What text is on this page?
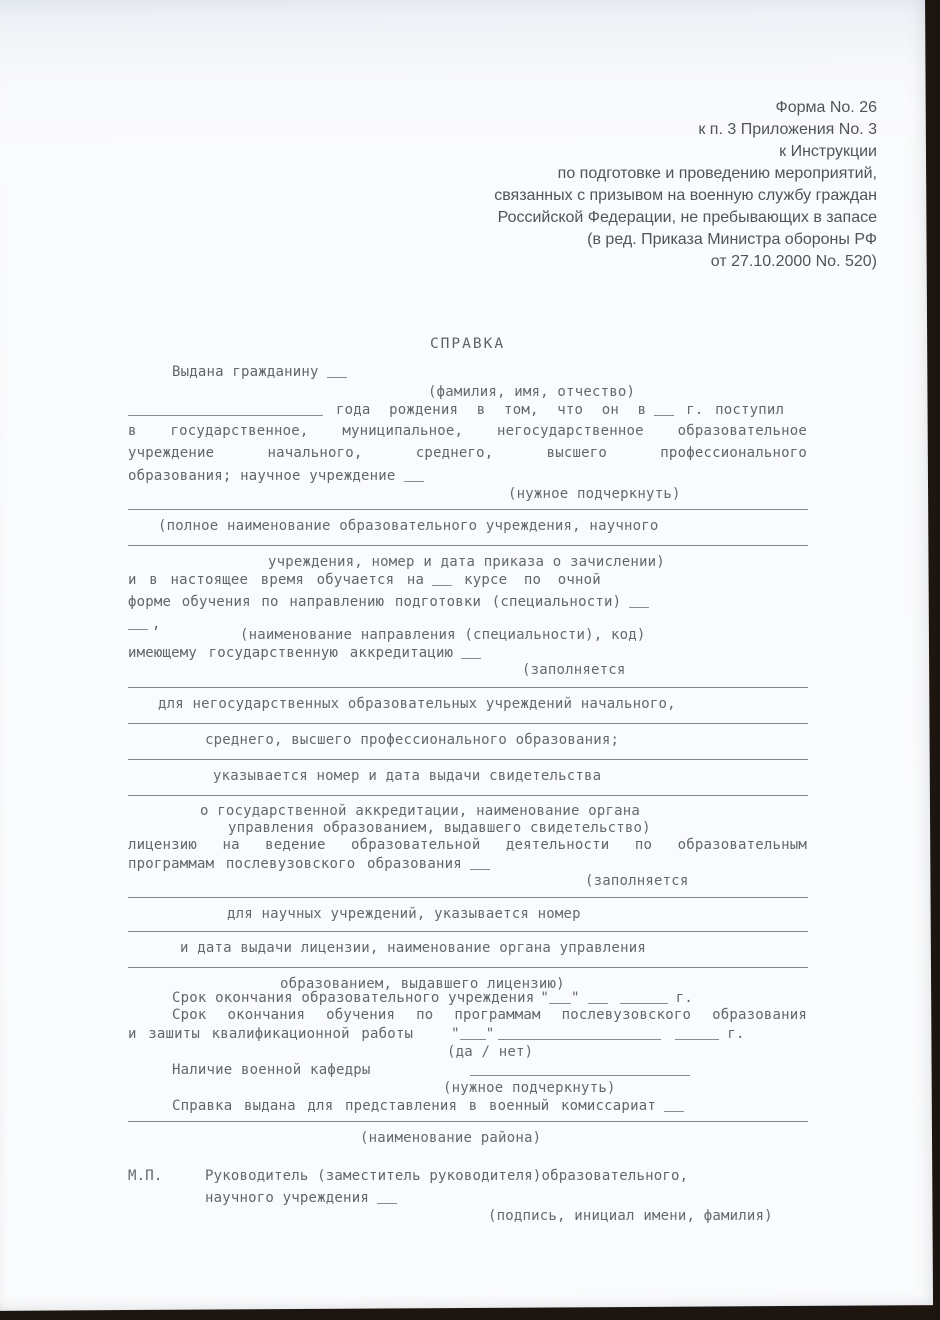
Форма No. 26
к п. 3 Приложения No. 3
к Инструкции
по подготовке и проведению мероприятий,
связанных с призывом на военную службу граждан
Российской Федерации, не пребывающих в запасе
(в ред. Приказа Министра обороны РФ
от 27.10.2000 No. 520)
СПРАВКА
Выдана гражданину
(фамилия, имя, отчество)
года рождения в том, что он в	г. поступил
в государственное, муниципальное, негосударственное образовательное
учреждение начального, среднего, высшего профессионального
образования; научное учреждение
(нужное подчеркнуть)
(полное наименование образовательного учреждения, научного
учреждения, номер и дата приказа о зачислении)
и в настоящее время обучается на	курсе по очной
форме обучения по направлению подготовки (специальности)
,
(наименование направления (специальности), код)
имеющему государственную аккредитацию
(заполняется
для негосударственных образовательных учреждений начального,
среднего, высшего профессионального образования;
указывается номер и дата выдачи свидетельства
о государственной аккредитации, наименование органа
управления образованием, выдавшего свидетельство)
лицензию на ведение образовательной деятельности по образовательным
программам послевузовского образования
(заполняется
для научных учреждений, указывается номер
и дата выдачи лицензии, наименование органа управления
образованием, выдавшего лицензию)
Срок окончания образовательного учреждения " "	г.
Срок окончания обучения по программам послевузовского образования
и зашиты квалификационной работы	" "	г.
(да / нет)
Наличие военной кафедры
(нужное подчеркнуть)
Справка выдана для представления в военный комиссариат
(наименование района)
М.П.	Руководитель (заместитель руководителя) образовательного,
научного учреждения
(подпись, инициал имени, фамилия)
